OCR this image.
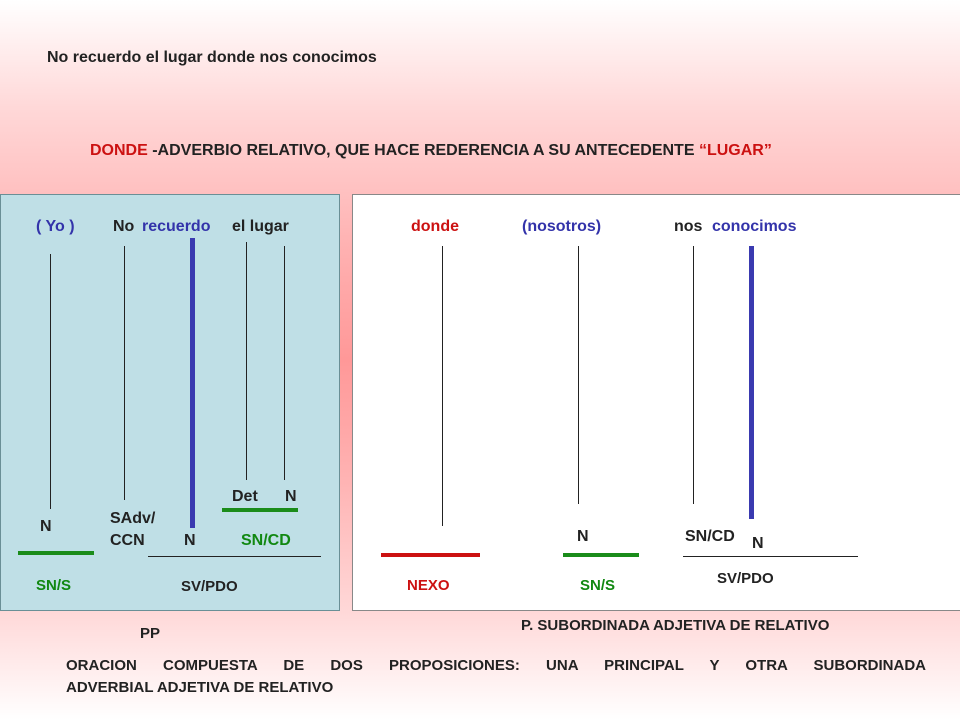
No recuerdo el lugar donde nos conocimos
DONDE -ADVERBIO RELATIVO, QUE HACE REDERENCIA A SU ANTECEDENTE “LUGAR”
( Yo ) No recuerdo el lugar
N
SN/S
SAdv/
CCN N
Det N
SN/CD
SV/PDO
donde	(nosotros)	nos conocimos
NEXO
N
SN/S
SN/CD N
SV/PDO
PP	P. SUBORDINADA ADJETIVA DE RELATIVO
ORACION COMPUESTA DE DOS PROPOSICIONES: UNA PRINCIPAL Y OTRA SUBORDINADA
ADVERBIAL ADJETIVA DE RELATIVO
